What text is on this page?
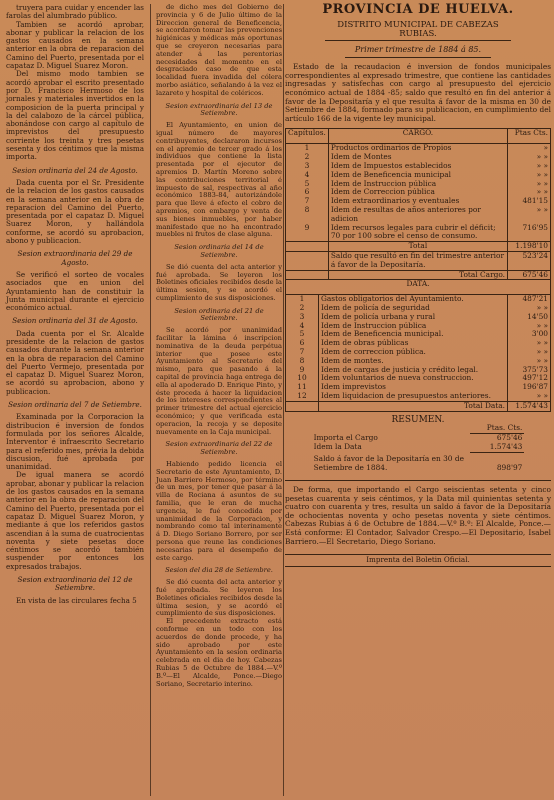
truyera para cuidar y encender las farolas del alumbrado público.

Tambien se acordó aprobar, abonar y publicar la relacion de los gastos causados en la semana anterior en la obra de reparacion del Camino del Puerto, presentada por el capataz D. Miguel Suarez Moron.

Del mismo modo tambien se acordó aprobar el escrito presentado por D. Francisco Hermoso de los jornales y materiales invertidos en la composicion de la puerta principal y la del calabozo de la cárcel pública, abonándose con cargo al capítulo de imprevistos del presupuesto corriente los treinta y tres pesetas sesenta y dos céntimos que la misma importa.

Sesion ordinaria del 24 de Agosto.

Dada cuenta por el Sr. Presidente de la relacion de los gastos causados en la semana anterior en la obra de reparacion del Camino del Puerto, presentada por el capataz D. Miguel Suarez Moron, y hallándola conforme, se acordó su aprobacion, abono y publicacion.

Sesion extraordinaria del 29 de Agosto.

Se verificó el sorteo de vocales asociados que en union del Ayuntamiento han de constituir la Junta municipal durante el ejercicio económico actual.

Sesion ordinaria del 31 de Agosto.

Dada cuenta por el Sr. Alcalde presidente de la relacion de gastos causados durante la semana anterior en la obra de reparacion del Camino del Puerto Vermejo, presentada por el capataz D. Miguel Suarez Moron, se acordó su aprobacion, abono y publicacion.

Sesion ordinaria del 7 de Setiembre.

Examinada por la Corporacion la distribucion é inversion de fondos formulada por los señores Alcalde, Interventor é infraescrito Secretario para el referido mes, prévia la debida discusion, fué aprobada por unanimidad.

De igual manera se acordó aprobar, abonar y publicar la relacion de los gastos causados en la semana anterior en la obra de reparacion del Camino del Puerto, presentada por el capataz D. Miguel Suarez Moron, y mediante á que los referidos gastos ascendian á la suma de cuatrocientas noventa y siete pesetas doce céntimos se acordó también suspender por entonces los expresados trabajos.

Sesion extraordinaria del 12 de Setiembre.

En vista de las circulares fecha 5

de dicho mes del Gobierno de provincia y 6 de Julio último de la Direccion general de Beneficencia, se acordaron tomar las prevenciones higiénicas y médicas más oportunas que se creyeron necesarias para atender á las perentorias necesidades del momento en el desgraciado caso de que esta localidad fuera invadida del cólera morbo asiático, señalando á la vez el lazareto y hospital de coléricos.

Sesion extraordinaria del 13 de Setiembre.

El Ayuntamiento, en union de igual número de mayores contribuyentes, declararon incursos en el apremio de tercer grado á los individuos que contiene la lista presentada por el ejecutor de apremios D. Martín Moreno sobre las contribuciones territorial é impuesto de sal, respectivas al año económico 1883-84, autorizándole para que lleve á efecto el cobro de apremios, con embargo y venta de sus bienes inmuebles, por haber manifestado que no ha encontrado muebles ni frutos de clase alguna.

Sesion ordinaria del 14 de Setiembre.

Se dió cuenta del acta anterior y fué aprobada. Se leyeron los Boletines oficiales recibidos desde la última sesion, y se acordó el cumplimiento de sus disposiciones.

Sesion ordinaria del 21 de Setiembre.

Se acordó por unanimidad facilitar la lámina ó inscripcion nominativa de la deuda perpétua interior que posee este Ayuntamiento al Secretario del mismo, para que pasando á la capital de provincia haga entrega de ella al apoderado D. Enrique Pinto, y éste proceda á hacer la liquidacion de los intereses correspondientes al primer trimestre del actual ejercicio económico; y que verificada esta operacion, la recoja y se deposite nuevamente en la Caja municipal.

Sesion extraordinaria del 22 de Setiembre.

Habiendo pedido licencia el Secretario de este Ayuntamiento, D. Juan Barriero Hermoso, por término de un mes, por tener que pasar á la villa de Rociana á asuntos de su familia, que le eran de mucha urgencia, le fué concedida por unanimidad de la Corporacion, y nombrando como tal interinamente á D. Diego Soriano Borrero, por ser persona que reune las condiciones necesarias para el desempeño de este cargo.

Sesion del dia 28 de Setiembre.

Se dió cuenta del acta anterior y fué aprobada. Se leyeron los Boletines oficiales recibidos desde la última sesion, y se acordó el cumplimiento de sus disposiciones.

El precedente extracto está conforme en un todo con los acuerdos de donde procede, y ha sido aprobado por este Ayuntamiento en la sesion ordinaria celebrada en el dia de hoy. Cabezas Rubias 5 de Octubre de 1884.—V.º B.º—El Alcalde, Ponce.—Diego Soriano, Secretario interino.

PROVINCIA DE HUELVA.
DISTRITO MUNICIPAL DE CABEZAS RUBIAS.
Primer trimestre de 1884 á 85.
Estado de la recaudacion é inversion de fondos municipales correspondientes al expresado trimestre, que contiene las cantidades ingresadas y satisfechas con cargo al presupuesto del ejercicio económico actual de 1884 -85; saldo que resultó en fin del anterior á favor de la Depositaría y el que resulta á favor de la misma en 30 de Setiembre de 1884, formado para su publicacion, en cumplimiento del artículo 166 de la vigente ley municipal.
Capítulos.	CARGO.	Ptas Cts.
1	Productos ordinarios de Propios	»
2	Idem de Montes	» »
3	Idem de Impuestos establecidos	» »
4	Idem de Beneficencia municipal	» »
5	Idem de Instruccion pública	» »
6	Idem de Correccion pública	» »
7	Idem extraordinarios y eventuales	481'15
8	Idem de resultas de años anteriores por adicion	» »
9	Idem recursos legales para cubrir el déficit; 70 por 100 sobre el censo de consumo.	716'95
	Total	1.198'10
	Saldo que resultó en fin del trimestre anterior á favor de la Depositaría.	523'24
	Total Cargo.	675'46
DATA.		
1	Gastos obligatorios del Ayuntamiento.	487'21
2	Idem de policía de seguridad	» »
3	Idem de policía urbana y rural	14'50
4	Idem de Instruccion pública	» »
5	Idem de Beneficencia municipal.	3'00
6	Idem de obras públicas	» »
7	Idem de correccion pública.	» »
8	Idem de montes.	» »
9	Idem de cargas de justicia y crédito legal.	375'73
10	Idem voluntarios de nueva construccion.	497'12
11	Idem imprevistos	196'87
12	Idem liquidacion de presupuestos anteriores.	» »
	Total Data.	1.574'43
RESUMEN.
	Ptas. Cts.
Importa el Cargo	675'46
Idem la Data	1.574'43
Saldo á favor de la Depositaría en 30 de Setiembre de 1884.	898'97
De forma, que importando el Cargo seiscientas setenta y cinco pesetas cuarenta y seis céntimos, y la Data mil quinientas setenta y cuatro con cuarenta y tres, resulta un saldo á favor de la Depositaría de ochocientas noventa y ocho pesetas noventa y siete céntimos. Cabezas Rubias á 6 de Octubre de 1884.—V.º B.º: El Alcalde, Ponce.—Está conforme: El Contador, Salvador Crespo.—El Depositario, Isabel Barriero.—El Secretario, Diego Soriano.
Imprenta del Boletin Oficial.
